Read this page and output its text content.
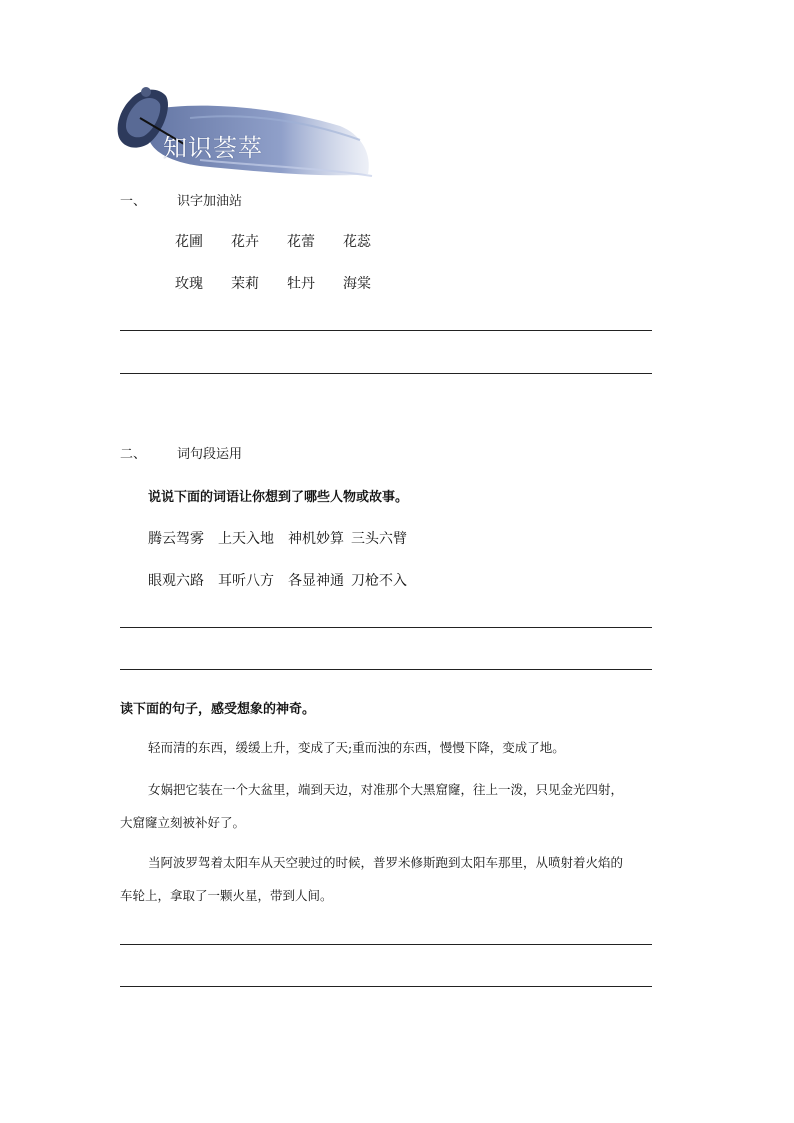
知识荟萃
一、 识字加油站
花圃 花卉 花蕾 花蕊
玫瑰 茉莉 牡丹 海棠
二、 词句段运用
说说下面的词语让你想到了哪些人物或故事。
腾云驾雾 上天入地 神机妙算 三头六臂
眼观六路 耳听八方 各显神通 刀枪不入
读下面的句子，感受想象的神奇。
轻而清的东西，缓缓上升，变成了天;重而浊的东西，慢慢下降，变成了地。
女娲把它装在一个大盆里，端到天边，对准那个大黑窟窿，往上一泼，只见金光四射，
大窟窿立刻被补好了。
当阿波罗驾着太阳车从天空驶过的时候，普罗米修斯跑到太阳车那里，从喷射着火焰的
车轮上，拿取了一颗火星，带到人间。
